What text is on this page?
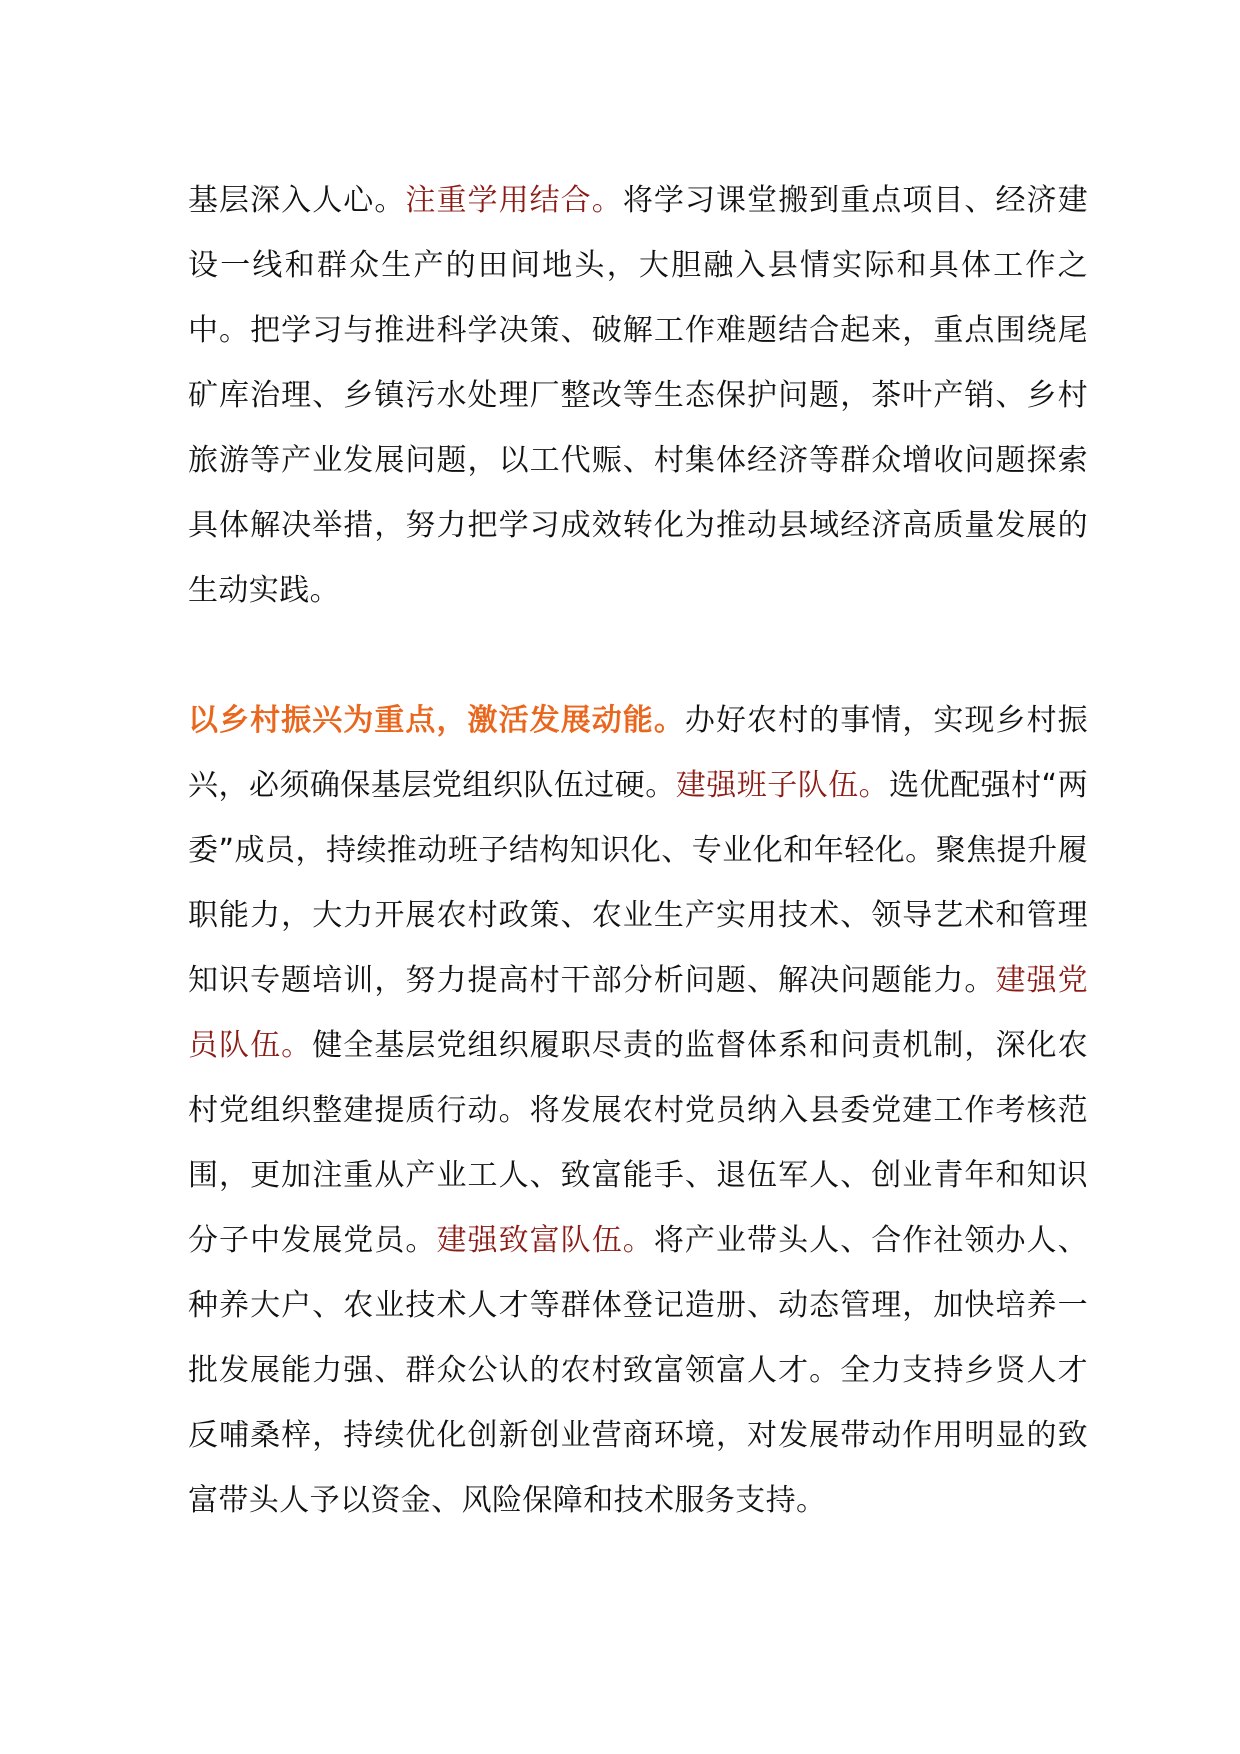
基层深入人心。注重学用结合。将学习课堂搬到重点项目、经济建设一线和群众生产的田间地头，大胆融入县情实际和具体工作之中。把学习与推进科学决策、破解工作难题结合起来，重点围绕尾矿库治理、乡镇污水处理厂整改等生态保护问题，茶叶产销、乡村旅游等产业发展问题，以工代赈、村集体经济等群众增收问题探索具体解决举措，努力把学习成效转化为推动县域经济高质量发展的生动实践。

以乡村振兴为重点，激活发展动能。办好农村的事情，实现乡村振兴，必须确保基层党组织队伍过硬。建强班子队伍。选优配强村“两委”成员，持续推动班子结构知识化、专业化和年轻化。聚焦提升履职能力，大力开展农村政策、农业生产实用技术、领导艺术和管理知识专题培训，努力提高村干部分析问题、解决问题能力。建强党员队伍。健全基层党组织履职尽责的监督体系和问责机制，深化农村党组织整建提质行动。将发展农村党员纳入县委党建工作考核范围，更加注重从产业工人、致富能手、退伍军人、创业青年和知识分子中发展党员。建强致富队伍。将产业带头人、合作社领办人、种养大户、农业技术人才等群体登记造册、动态管理，加快培养一批发展能力强、群众公认的农村致富领富人才。全力支持乡贤人才反哺桑梓，持续优化创新创业营商环境，对发展带动作用明显的致富带头人予以资金、风险保障和技术服务支持。
